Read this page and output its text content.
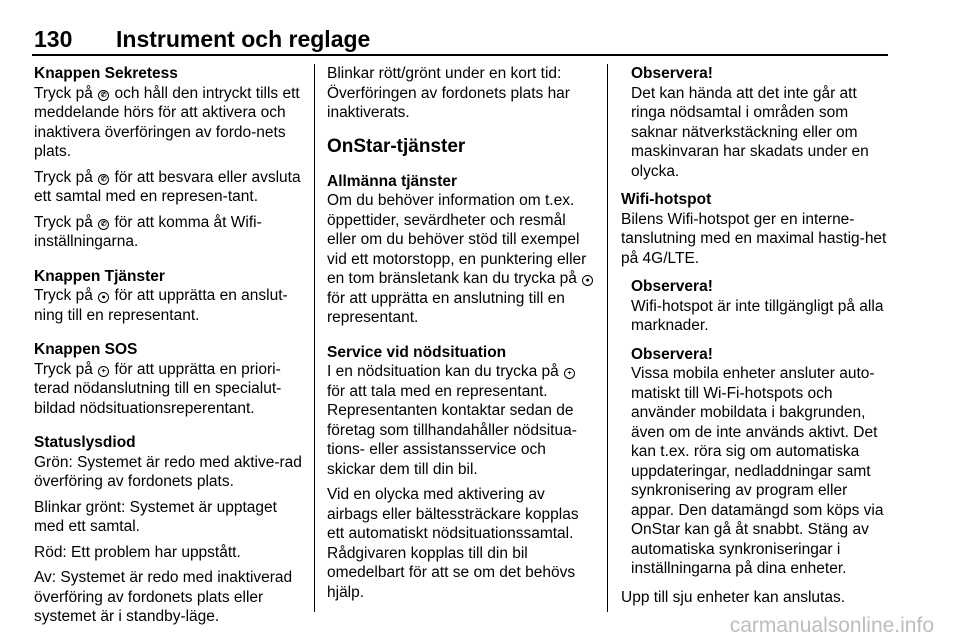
130 Instrument och reglage

Knappen Sekretess

Tryck på ✆ och håll den intryckt tills ett meddelande hörs för att aktivera och inaktivera överföringen av fordo-nets plats.

Tryck på ✆ för att besvara eller avsluta ett samtal med en represen-tant.

Tryck på ✆ för att komma åt Wifi-inställningarna.

Knappen Tjänster

Tryck på ● för att upprätta en anslut-ning till en representant.

Knappen SOS

Tryck på + för att upprätta en priori-terad nödanslutning till en specialut-bildad nödsituationsreperentant.

Statuslysdiod

Grön: Systemet är redo med aktive-rad överföring av fordonets plats.

Blinkar grönt: Systemet är upptaget med ett samtal.

Röd: Ett problem har uppstått.

Av: Systemet är redo med inaktiverad överföring av fordonets plats eller systemet är i standby-läge.

Blinkar rött/grönt under en kort tid: Överföringen av fordonets plats har inaktiverats.

OnStar-tjänster

Allmänna tjänster

Om du behöver information om t.ex. öppettider, sevärdheter och resmål eller om du behöver stöd till exempel vid ett motorstopp, en punktering eller en tom bränsletank kan du trycka på ● för att upprätta en anslutning till en representant.

Service vid nödsituation

I en nödsituation kan du trycka på + för att tala med en representant. Representanten kontaktar sedan de företag som tillhandahåller nödsitua-tions- eller assistansservice och skickar dem till din bil.

Vid en olycka med aktivering av airbags eller bältessträckare kopplas ett automatiskt nödsituationssamtal. Rådgivaren kopplas till din bil omedelbart för att se om det behövs hjälp.

Observera!

Det kan hända att det inte går att ringa nödsamtal i områden som saknar nätverkstäckning eller om maskinvaran har skadats under en olycka.

Wifi-hotspot

Bilens Wifi-hotspot ger en interne-tanslutning med en maximal hastig-het på 4G/LTE.

Observera!

Wifi-hotspot är inte tillgängligt på alla marknader.

Observera!

Vissa mobila enheter ansluter auto-matiskt till Wi-Fi-hotspots och använder mobildata i bakgrunden, även om de inte används aktivt. Det kan t.ex. röra sig om automatiska uppdateringar, nedladdningar samt synkronisering av program eller appar. Den datamängd som köps via OnStar kan gå åt snabbt. Stäng av automatiska synkroniseringar i inställningarna på dina enheter.

Upp till sju enheter kan anslutas.

carmanualsonline.info
